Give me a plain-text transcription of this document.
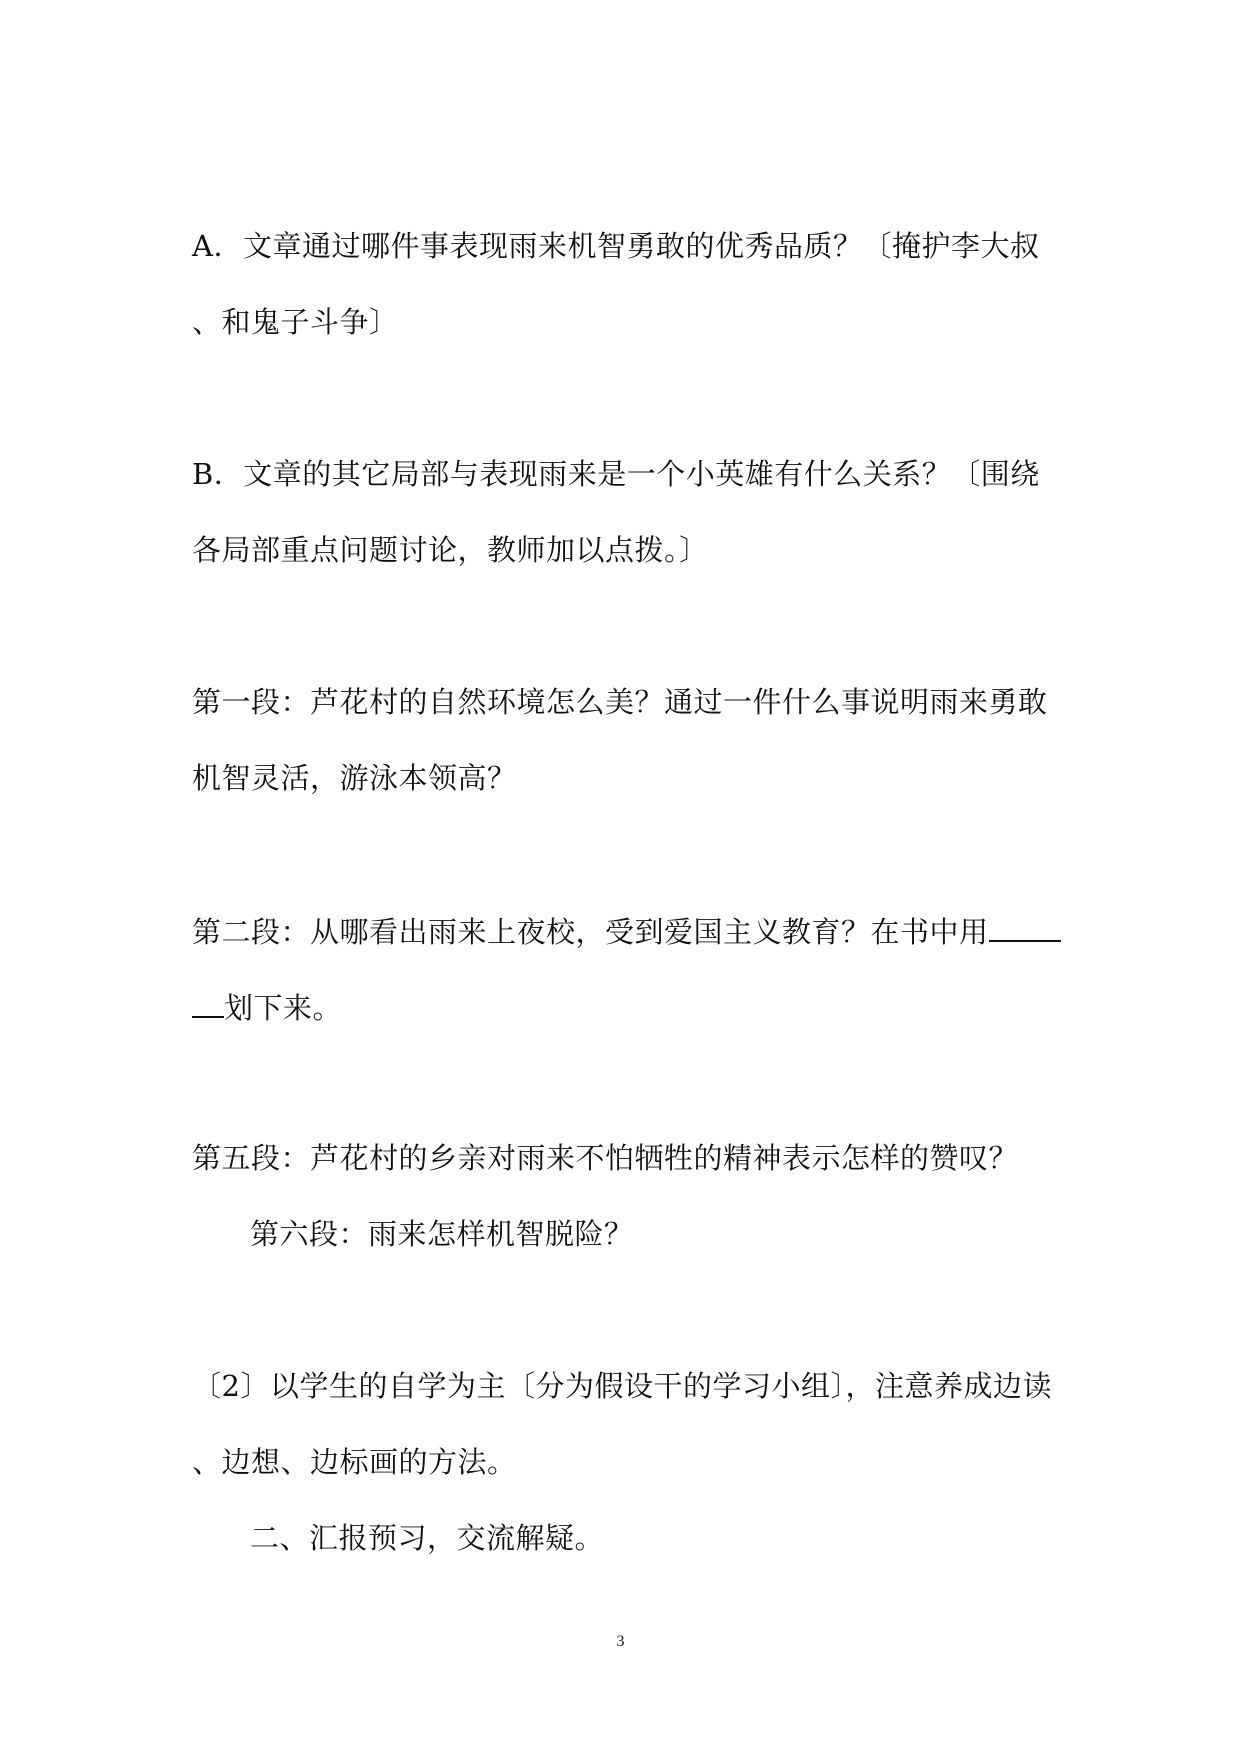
A．文章通过哪件事表现雨来机智勇敢的优秀品质？〔掩护李大叔

、和鬼子斗争〕

B．文章的其它局部与表现雨来是一个小英雄有什么关系？〔围绕

各局部重点问题讨论，教师加以点拨。〕

第一段：芦花村的自然环境怎么美？通过一件什么事说明雨来勇敢

机智灵活，游泳本领高？

第二段：从哪看出雨来上夜校，受到爱国主义教育？在书中用

划下来。

第五段：芦花村的乡亲对雨来不怕牺牲的精神表示怎样的赞叹？

第六段：雨来怎样机智脱险？

〔2〕以学生的自学为主〔分为假设干的学习小组〕，注意养成边读

、边想、边标画的方法。

二、汇报预习，交流解疑。

3
